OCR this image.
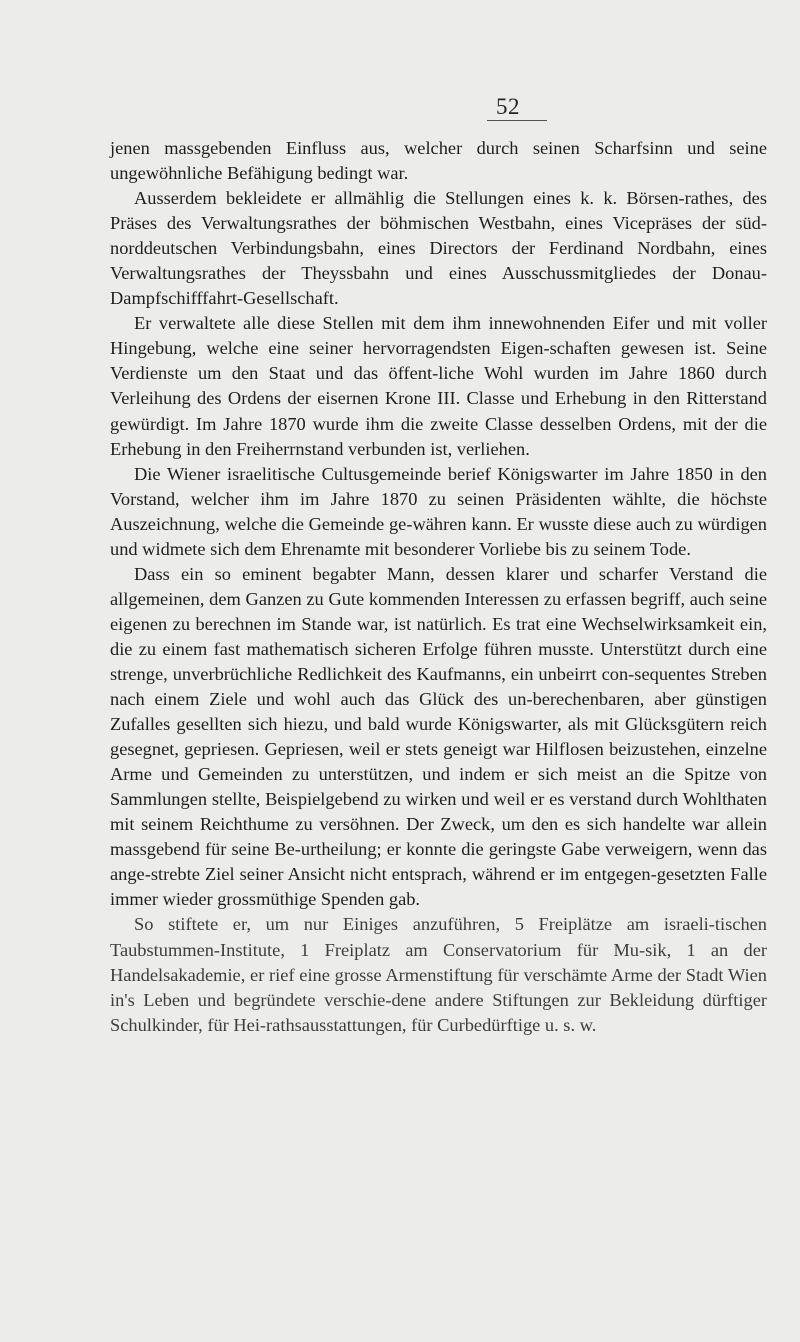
52

jenen massgebenden Einfluss aus, welcher durch seinen Scharfsinn und seine ungewöhnliche Befähigung bedingt war.

Ausserdem bekleidete er allmählig die Stellungen eines k. k. Börsen-rathes, des Präses des Verwaltungsrathes der böhmischen Westbahn, eines Vicepräses der süd-norddeutschen Verbindungsbahn, eines Directors der Ferdinand Nordbahn, eines Verwaltungsrathes der Theyssbahn und eines Ausschussmitgliedes der Donau-Dampfschifffahrt-Gesellschaft.

Er verwaltete alle diese Stellen mit dem ihm innewohnenden Eifer und mit voller Hingebung, welche eine seiner hervorragendsten Eigen-schaften gewesen ist. Seine Verdienste um den Staat und das öffent-liche Wohl wurden im Jahre 1860 durch Verleihung des Ordens der eisernen Krone III. Classe und Erhebung in den Ritterstand gewürdigt. Im Jahre 1870 wurde ihm die zweite Classe desselben Ordens, mit der die Erhebung in den Freiherrnstand verbunden ist, verliehen.

Die Wiener israelitische Cultusgemeinde berief Königswarter im Jahre 1850 in den Vorstand, welcher ihm im Jahre 1870 zu seinen Präsidenten wählte, die höchste Auszeichnung, welche die Gemeinde ge-währen kann. Er wusste diese auch zu würdigen und widmete sich dem Ehrenamte mit besonderer Vorliebe bis zu seinem Tode.

Dass ein so eminent begabter Mann, dessen klarer und scharfer Verstand die allgemeinen, dem Ganzen zu Gute kommenden Interessen zu erfassen begriff, auch seine eigenen zu berechnen im Stande war, ist natürlich. Es trat eine Wechselwirksamkeit ein, die zu einem fast mathematisch sicheren Erfolge führen musste. Unterstützt durch eine strenge, unverbrüchliche Redlichkeit des Kaufmanns, ein unbeirrt con-sequentes Streben nach einem Ziele und wohl auch das Glück des un-berechenbaren, aber günstigen Zufalles gesellten sich hiezu, und bald wurde Königswarter, als mit Glücksgütern reich gesegnet, gepriesen. Gepriesen, weil er stets geneigt war Hilflosen beizustehen, einzelne Arme und Gemeinden zu unterstützen, und indem er sich meist an die Spitze von Sammlungen stellte, Beispielgebend zu wirken und weil er es verstand durch Wohlthaten mit seinem Reichthume zu versöhnen. Der Zweck, um den es sich handelte war allein massgebend für seine Be-urtheilung; er konnte die geringste Gabe verweigern, wenn das ange-strebte Ziel seiner Ansicht nicht entsprach, während er im entgegen-gesetzten Falle immer wieder grossmüthige Spenden gab.

So stiftete er, um nur Einiges anzuführen, 5 Freiplätze am israeli-tischen Taubstummen-Institute, 1 Freiplatz am Conservatorium für Mu-sik, 1 an der Handelsakademie, er rief eine grosse Armenstiftung für verschämte Arme der Stadt Wien in's Leben und begründete verschie-dene andere Stiftungen zur Bekleidung dürftiger Schulkinder, für Hei-rathsausstattungen, für Curbedürftige u. s. w.
